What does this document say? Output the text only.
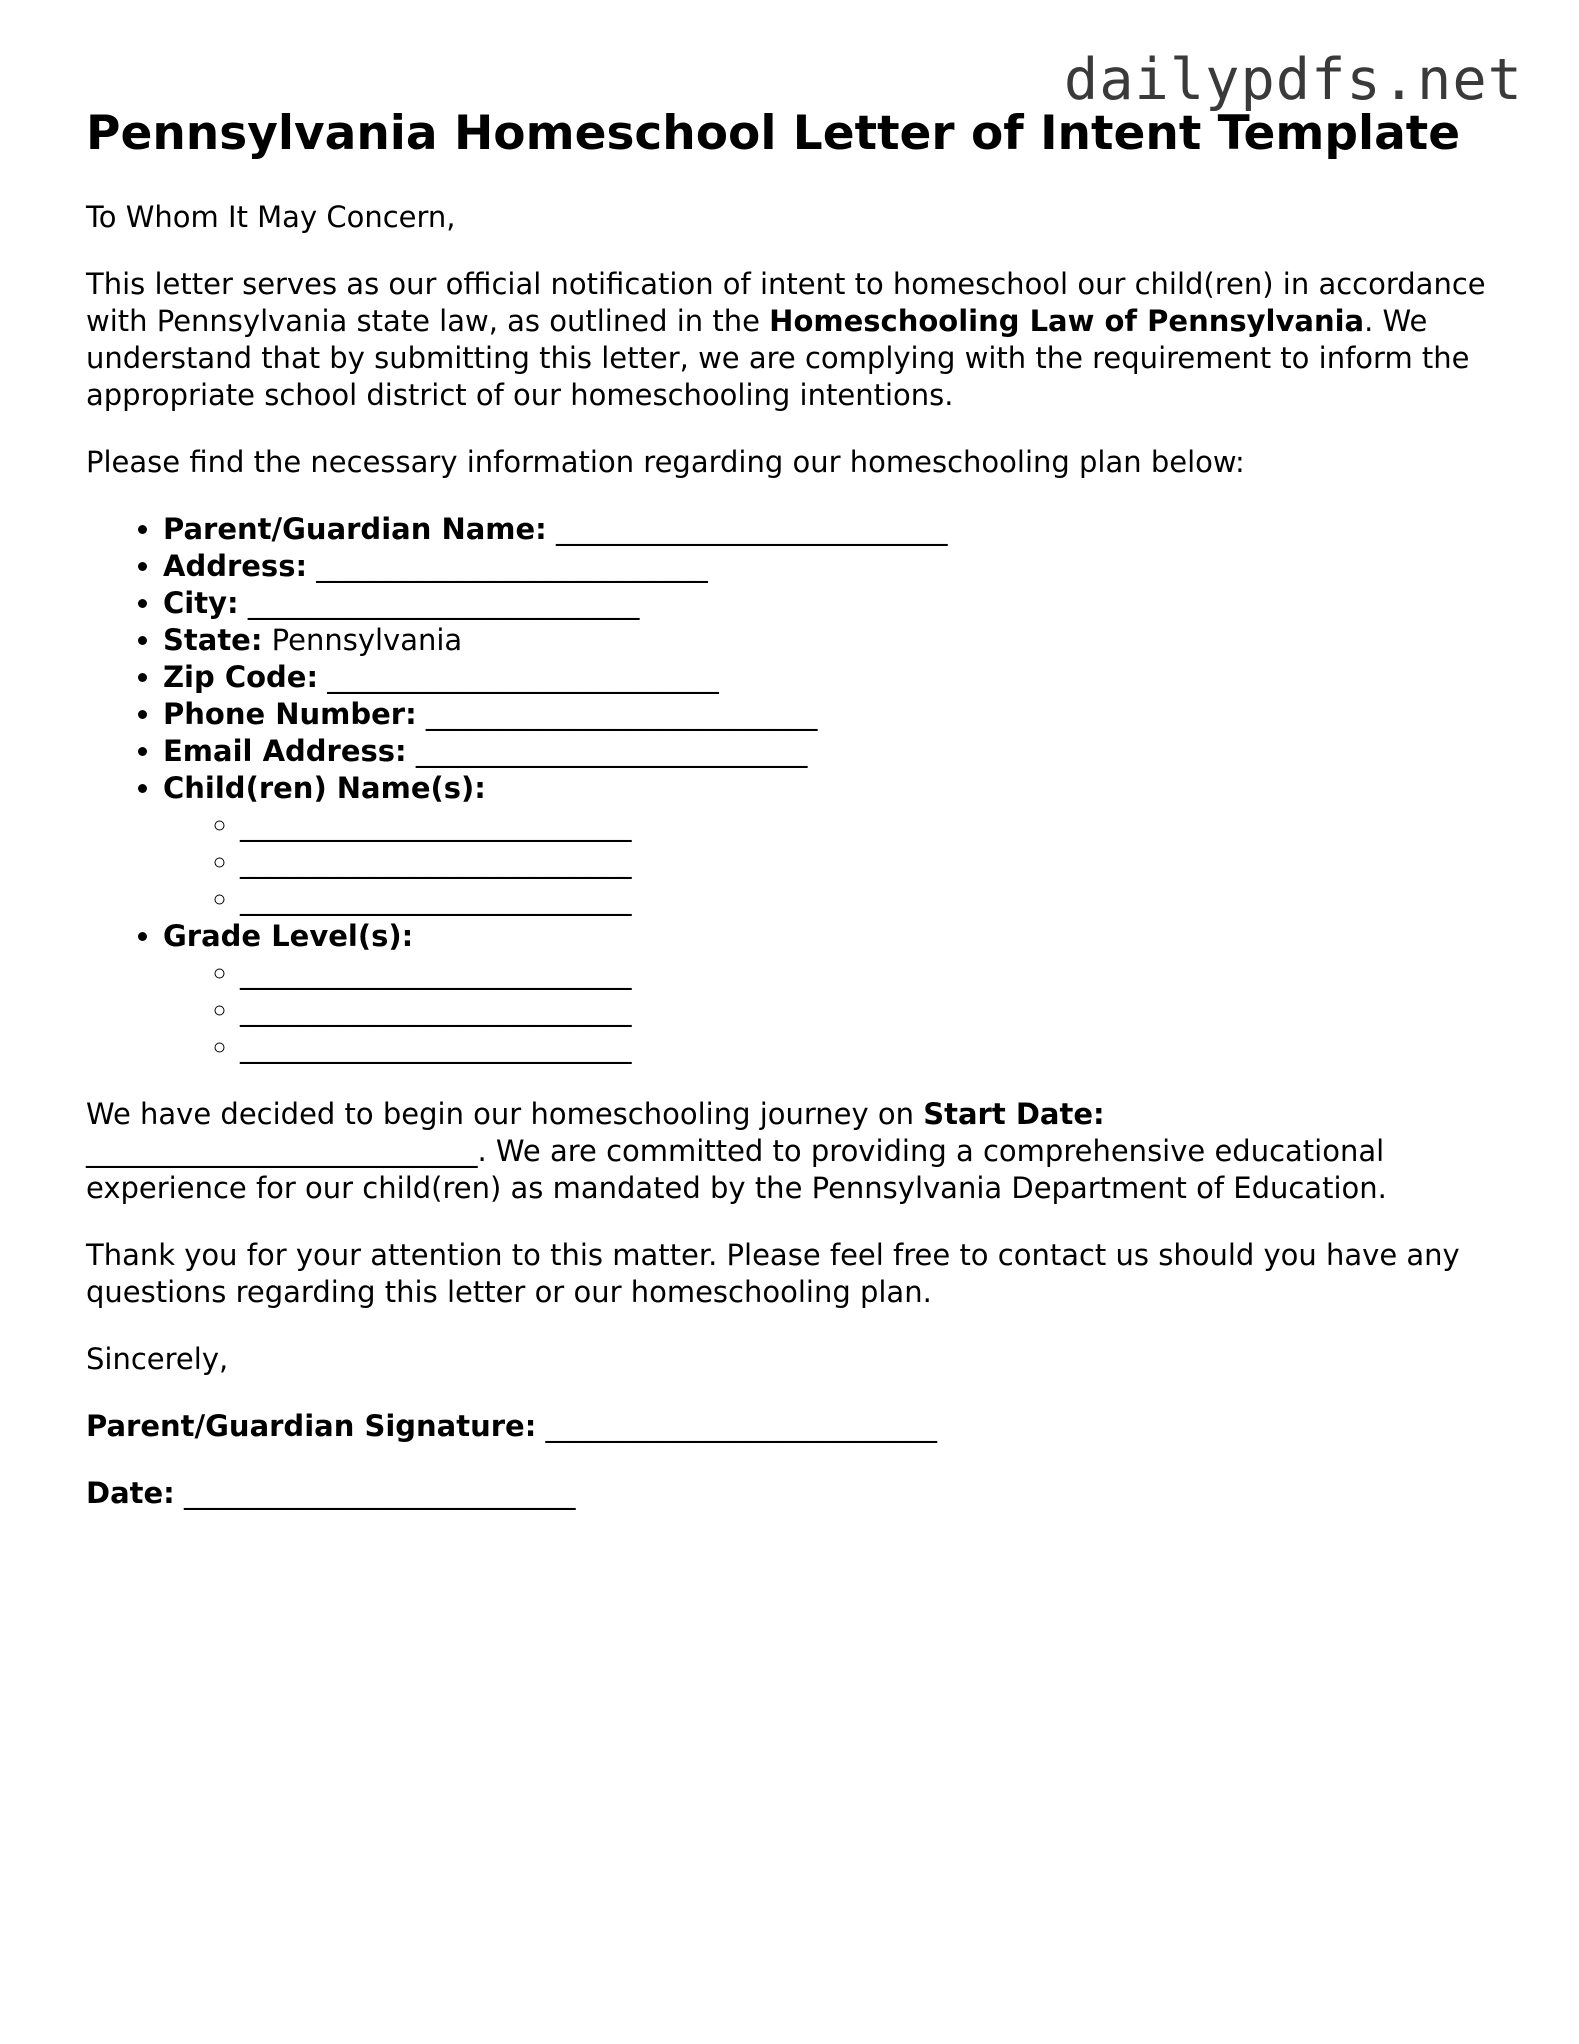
dailypdfs.net
Pennsylvania Homeschool Letter of Intent Template

To Whom It May Concern,

This letter serves as our official notification of intent to homeschool our child(ren) in accordance with Pennsylvania state law, as outlined in the Homeschooling Law of Pennsylvania. We understand that by submitting this letter, we are complying with the requirement to inform the appropriate school district of our homeschooling intentions.

Please find the necessary information regarding our homeschooling plan below:

• Parent/Guardian Name: ___________________________
• Address: ___________________________
• City: ___________________________
• State: Pennsylvania
• Zip Code: ___________________________
• Phone Number: ___________________________
• Email Address: ___________________________
• Child(ren) Name(s):
◦ ___________________________
◦ ___________________________
◦ ___________________________
• Grade Level(s):
◦ ___________________________
◦ ___________________________
◦ ___________________________

We have decided to begin our homeschooling journey on Start Date: ___________________________. We are committed to providing a comprehensive educational experience for our child(ren) as mandated by the Pennsylvania Department of Education.

Thank you for your attention to this matter. Please feel free to contact us should you have any questions regarding this letter or our homeschooling plan.

Sincerely,

Parent/Guardian Signature: ___________________________

Date: ___________________________
